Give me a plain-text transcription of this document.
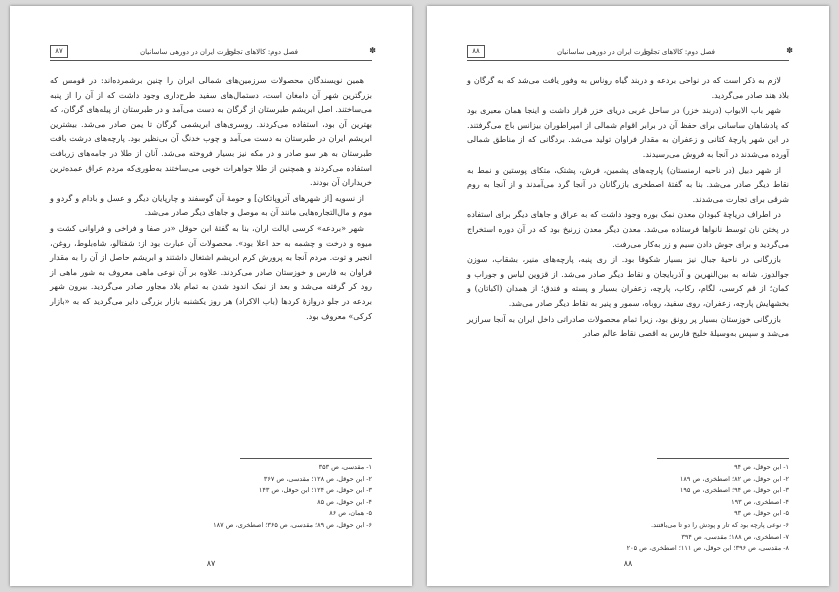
✽
فصل دوم: کالاهای تجاری
تجارت ایران در دورهی ساسانیان
۸۷

همین نویسندگان محصولات سرزمین‌های شمالی ایران را چنین برشمرده‌اند: در قومس که بزرگترین شهر آن دامغان است، دستمال‌های سفید طرح‌داری وجود داشت که از آن را از پنبه می‌ساختند. اصل ابریشم طبرستان از گرگان به دست می‌آمد و در طبرستان از پیله‌های گرگان، که بهترین آن بود، استفاده می‌کردند. روسری‌های ابریشمی گرگان تا یمن صادر می‌شد. بیشترین ابریشم ایران در طبرستان به دست می‌آمد و چوب خدنگ آن بی‌نظیر بود. پارچه‌های درشت بافت طبرستان به هر سو صادر و در مکه نیز بسیار فروخته می‌شد. آنان از طلا در جامه‌های زربافت استفاده می‌کردند و همچنین از طلا جواهرات خوبی می‌ساختند به‌طوری‌که مردم عراق عمده‌ترین خریداران آن بودند.

از نسویه [از شهرهای آتروپاتکان] و حومهٔ آن گوسفند و چارپایان دیگر و عسل و بادام و گردو و موم و مال‌التجاره‌هایی مانند آن به موصل و جاهای دیگر صادر می‌شد.

شهر «بردعه» کرسی ایالت اران، بنا به گفتهٔ ابن حوقل «در صفا و فراخی و فراوانی کشت و میوه و درخت و چشمه به حد اعلا بود». محصولات آن عبارت بود از: شفتالو، شاه‌بلوط، روغن، انجیر و توت. مردم آنجا به پرورش کرم ابریشم اشتغال داشتند و ابریشم حاصل از آن را به مقدار فراوان به فارس و خوزستان صادر می‌کردند. علاوه بر آن نوعی ماهی معروف به شور ماهی از رود کر گرفته می‌شد و بعد از نمک اندود شدن به تمام بلاد مجاور صادر می‌گردید. بیرون شهر بردعه در جلو دروازهٔ کردها (باب الاکراد) هر روز یکشنبه بازار بزرگی دایر می‌گردید که به «بازار کرکی» معروف بود.

۱- مقدسی، ص ۳۵۳
۲- ابن حوقل، ص ۱۲۸؛ مقدسی، ص ۳۶۷
۳- ابن حوقل، ص ۱۲۴؛ ابن حوقل، ص ۱۴۳
۴- ابن حوقل، ص ۸۵
۵- همان، ص ۸۶
۶- ابن حوقل، ص ۸۹؛ مقدسی، ص ۳۶۵؛ اصطخری، ص ۱۸۷
۸۷
✽
فصل دوم: کالاهای تجاری
تجارت ایران در دورهی ساسانیان
۸۸

لازم به ذکر است که در نواحی بردعه و دربند گیاه روناس به وفور یافت می‌شد که به گرگان و بلاد هند صادر می‌گردید.

شهر باب الابواب (دربند خزر) در ساحل غربی دریای خزر قرار داشت و اینجا همان معبری بود که پادشاهان ساسانی برای حفظ آن در برابر اقوام شمالی از امپراطوران بیزانس باج می‌گرفتند. در این شهر پارچهٔ کتانی و زعفران به مقدار فراوان تولید می‌شد. بردگانی که از مناطق شمالی آورده می‌شدند در آنجا به فروش می‌رسیدند.

از شهر دبیل (در ناحیه ارمنستان) پارچه‌های پشمین، فرش، پشتک، متکای پوستین و نمط به نقاط دیگر صادر می‌شد. بنا به گفتهٔ اصطخری بازرگانان در آنجا گرد می‌آمدند و از آنجا به روم شرقی برای تجارت می‌شدند.

در اطراف دریاچهٔ کبودان معدن نمک بوره وجود داشت که به عراق و جاهای دیگر برای استفاده در پختن نان توسط نانواها فرستاده می‌شد. معدن دیگر معدن زرنیخ بود که در آن دوره استخراج می‌گردید و برای جوش دادن سیم و زر به‌کار می‌رفت.

بازرگانی در ناحیهٔ جبال نیز بسیار شکوفا بود. از ری پنبه، پارچه‌های منیر، بشقاب، سوزن جوالدوز، شانه به بین‌النهرین و آذربایجان و نقاط دیگر صادر می‌شد. از قزوین لباس و جوراب و کمان؛ از قم کرسی، لگام، رکاب، پارچه، زعفران بسیار و پسته و فندق؛ از همدان (اکباتان) و بخشهایش پارچه، زعفران، روی سفید، روباه، سمور و پنیر به نقاط دیگر صادر می‌شد.

بازرگانی خوزستان بسیار پر رونق بود، زیرا تمام محصولات صادراتی داخل ایران به آنجا سرازیر می‌شد و سپس به‌وسیلهٔ خلیج فارس به اقصی نقاط عالم صادر

۱- ابن حوقل، ص ۹۴
۲- ابن حوقل، ص ۸۲؛ اصطخری، ص ۱۸۹
۳- ابن حوقل، ص ۹۴؛ اصطخری، ص ۱۹۵
۴- اصطخری، ص ۱۹۳
۵- ابن حوقل، ص ۹۳
۶- نوعی پارچه بود که تار و پودش را دو تا می‌بافتند.
۷- اصطخری، ص ۱۸۸؛ مقدسی، ص ۳۹۴
۸- مقدسی، ص ۳۹۶؛ ابن حوقل، ص ۱۱۱؛ اصطخری، ص ۲۰۵
۸۸
